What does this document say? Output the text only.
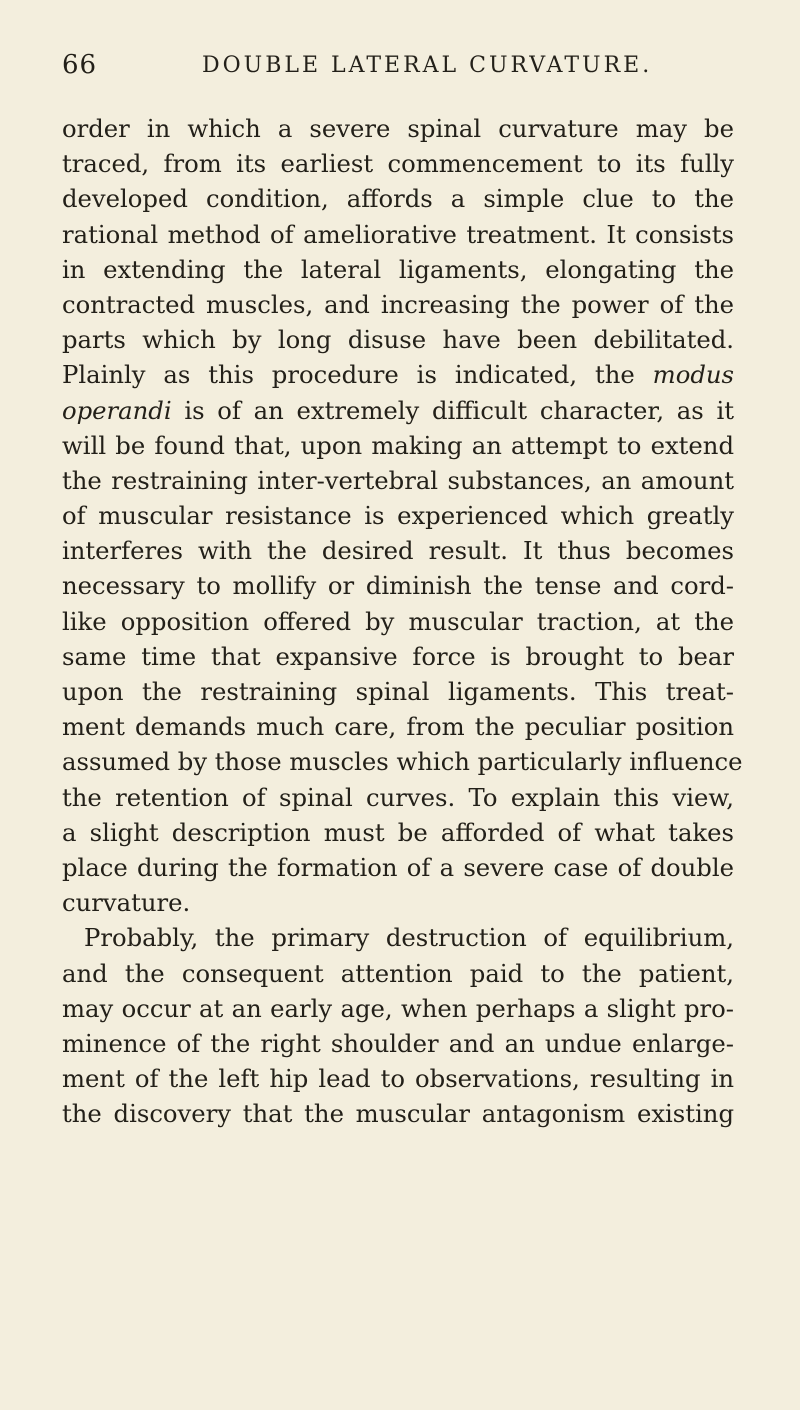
66	DOUBLE LATERAL CURVATURE.
order in which a severe spinal curvature may be
traced, from its earliest commencement to its fully
developed condition, affords a simple clue to the
rational method of ameliorative treatment. It consists
in extending the lateral ligaments, elongating the
contracted muscles, and increasing the power of the
parts which by long disuse have been debilitated.
Plainly as this procedure is indicated, the modus
operandi is of an extremely difficult character, as it
will be found that, upon making an attempt to extend
the restraining inter-vertebral substances, an amount
of muscular resistance is experienced which greatly
interferes with the desired result. It thus becomes
necessary to mollify or diminish the tense and cord-
like opposition offered by muscular traction, at the
same time that expansive force is brought to bear
upon the restraining spinal ligaments. This treat-
ment demands much care, from the peculiar position
assumed by those muscles which particularly influence
the retention of spinal curves. To explain this view,
a slight description must be afforded of what takes
place during the formation of a severe case of double
curvature.
Probably, the primary destruction of equilibrium,
and the consequent attention paid to the patient,
may occur at an early age, when perhaps a slight pro-
minence of the right shoulder and an undue enlarge-
ment of the left hip lead to observations, resulting in
the discovery that the muscular antagonism existing
